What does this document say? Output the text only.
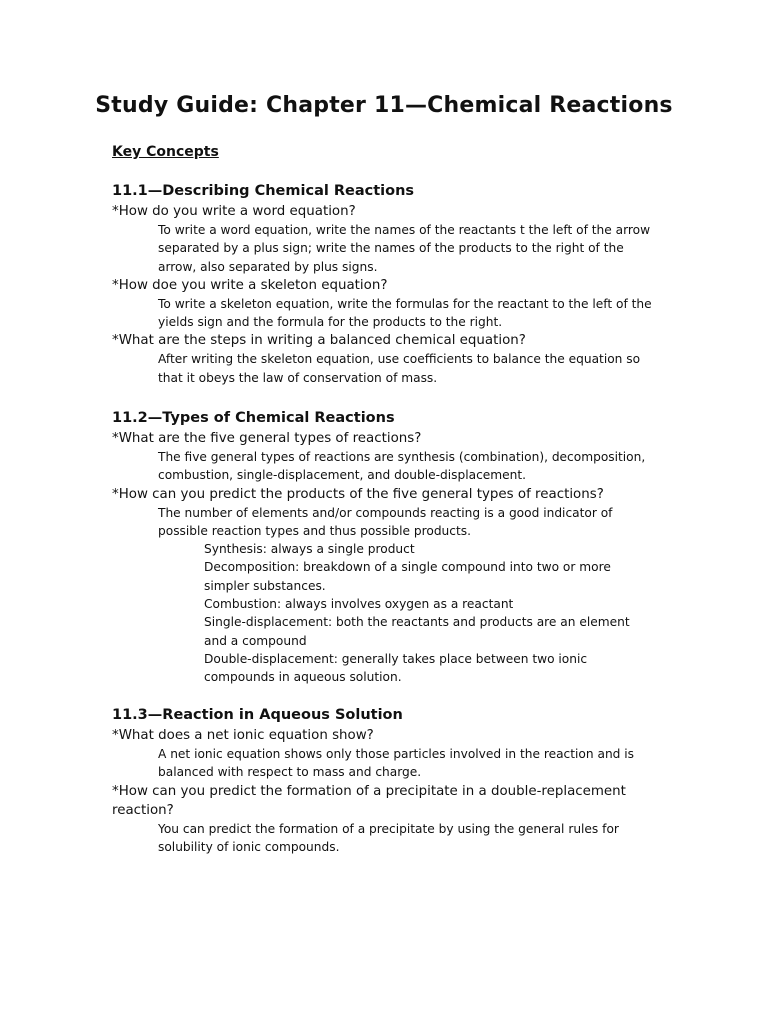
Study Guide: Chapter 11—Chemical Reactions
Key Concepts
11.1—Describing Chemical Reactions
*How do you write a word equation?
To write a word equation, write the names of the reactants t the left of the arrow separated by a plus sign; write the names of the products to the right of the arrow, also separated by plus signs.
*How doe you write a skeleton equation?
To write a skeleton equation, write the formulas for the reactant to the left of the yields sign and the formula for the products to the right.
*What are the steps in writing a balanced chemical equation?
After writing the skeleton equation, use coefficients to balance the equation so that it obeys the law of conservation of mass.
11.2—Types of Chemical Reactions
*What are the five general types of reactions?
The five general types of reactions are synthesis (combination), decomposition, combustion, single-displacement, and double-displacement.
*How can you predict the products of the five general types of reactions?
The number of elements and/or compounds reacting is a good indicator of possible reaction types and thus possible products.
Synthesis: always a single product
Decomposition: breakdown of a single compound into two or more simpler substances.
Combustion: always involves oxygen as a reactant
Single-displacement: both the reactants and products are an element and a compound
Double-displacement: generally takes place between two ionic compounds in aqueous solution.
11.3—Reaction in Aqueous Solution
*What does a net ionic equation show?
A net ionic equation shows only those particles involved in the reaction and is balanced with respect to mass and charge.
*How can you predict the formation of a precipitate in a double-replacement reaction?
You can predict the formation of a precipitate by using the general rules for solubility of ionic compounds.
